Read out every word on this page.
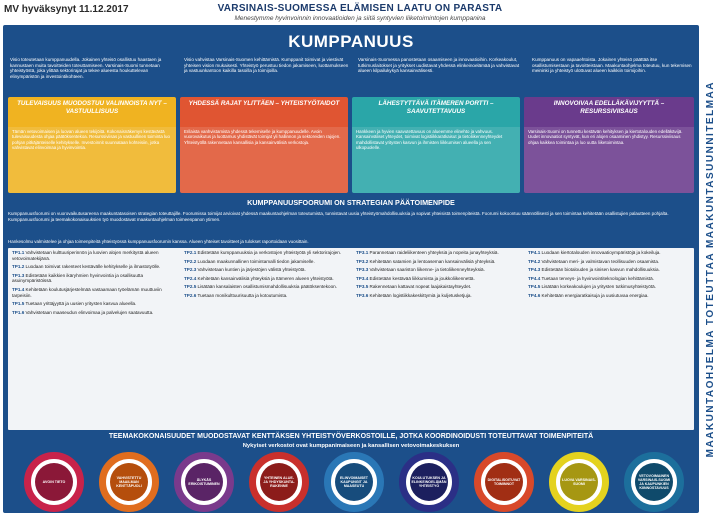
MV hyväksynyt 11.12.2017	VARSINAIS-SUOMESSA ELÄMISEN LAATU ON PARASTA
Menestymme hyvinvoinnin innovaatioiden ja siitä syntyvien liiketoimintojen kumppanina
KUMPPANUUS
Visio toteutetaan kumppanuudella. Jokainen yhteisö osallistuu haastaen ja kannustaen muita tavoitteiden toteuttamiseen. Varsinais-Suomi tunnetaan yhteistyöstä, joka ylittää sektorirajat ja tekee alueesta houkuttelevan elinympäristön ja investointikohteen.
Visio vahvistaa Varsinais-Suomen kehittämistä. Kumppanit toimivat ja viestivät yhteisen vision mukaisesti. Yhteistyö perustuu tiedon jakamiseen, luottamukseen ja vastuunkantoon kaikilla tasoilla ja toimijoilla.
Varsinais-Suomessa panostetaan osaamiseen ja innovaatioihin. Korkeakoulut, tutkimuslaitokset ja yritykset uudistavat yhdessä elinkeinoelämää ja vahvistavat alueen kilpailukykyä kansainvälisesti.
Kumppanuus on vapaaehtoista. Jokainen yhteisö päättää itse osallistumisestaan ja tavoitteistaan. Maakuntaohjelma toteutuu, kun tekemisen meininki ja yhteistyö ulottuvat alueen kaikkiin toimijoihin.
TULEVAISUUS MUODOSTUU VALINNOISTA NYT – VASTUULLISUUS
Tämän vetovoimaisen ja luovan alueen tekijöitä. Kokonaisnäkemys kestävästä tulevaisuudesta ohjaa päätöksentekoa. Resurssiviisas ja vastuullinen toiminta luo pohjan pitkäjänteiselle kehitykselle. Investoinnit suunnataan kohteisiin, jotka vahvistavat elinvoimaa ja hyvinvointia.
YHDESSÄ RAJAT YLITTÄEN – YHTEISTYÖTAIDOT
Erilaista vanhvistamista yhdessä tekemiselle ja kumppanuudelle. Avoin vuorovaikutus ja luottamus yhdistävät toimijat yli hallinnon ja sektoreiden rajojen. Yhteistyöllä rakennetaan kansallisia ja kansainvälisiä verkostoja.
LÄHESTYTTÄVÄ ITÄMEREN PORTTI – SAAVUTETTAVUUS
Hankkeen ja hyvien saavutettavuus on alueemme elinehto ja vahvuus. Kansainväliset yhteydet, toimivat logistiikkaratkaisut ja tietoliikenneyhteydet mahdollistavat yritysten kasvun ja ihmisten liikkumisen alueella ja sen ulkopuolelle.
INNOVOIVAA EDELLÄKÄVIJYYTTÄ – RESURSSIVIISAUS
Varsinais-Suomi on tunnettu kestävän kehityksen ja kiertotalouden edelläkävijä. Uudet innovaatiot syntyvät, kun eri alojen osaaminen yhdistyy. Resurssiviisaus ohjaa kaikkea toimintaa ja luo uutta liiketoimintaa.
KUMPPANUUSFOORUMI ON STRATEGIAN PÄÄTOIMENPIDE
Kumppanuusfoorumi on vuorovaikutusareena maakuntatasoisen strategian toteuttajille. Foorumissa toimijat arvioivat yhdessä maakuntaohjelman toteutumista, tunnistavat uusia yhteistyömahdollisuuksia ja sopivat yhteisistä toimenpiteistä. Foorumi kokoontuu säännöllisesti ja sen toimintaa kehitetään osallistujien palautteen pohjalta. Kumppanuusfoorumi ja teemakokonaisuuksien työ muodostavat maakuntaohjelman toimeenpanon ytimen.
Hankesolmu valmistelee ja ohjaa toimenpiteitä yhteistyössä kumppanuusfoorumin kanssa. Alueen yhteiset tavoitteet ja tulokset raportoidaan vuosittain.
TP1.1 Vahvistetaan kulttuuriperinnön ja luovien alojen merkitystä alueen vetovoimatekijänä.
TP1.2 Luodaan toimivat rakenteet kestävälle kehitykselle ja ilmastotyölle.
TP1.3 Edistetään kaikkien ikäryhmien hyvinvointia ja osallisuutta asuinympäristöissä.
TP1.4 Kehitetään koulutusjärjestelmää vastaamaan työelämän muuttuviin tarpeisiin.
TP1.5 Tuetaan yrittäjyyttä ja uusien yritysten kasvua alueella.
TP1.6 Vahvistetaan maaseudun elinvoimaa ja palvelujen saatavuutta.
TP2.1 Edistetään kumppanuuksia ja verkostojen yhteistyötä yli sektorirajojen.
TP2.2 Luodaan maakunnallinen toimintamalli tiedon jakamiselle.
TP2.3 Vahvistetaan kuntien ja järjestöjen välistä yhteistyötä.
TP2.4 Kehitetään kansainvälisiä yhteyksiä ja Itämeren alueen yhteistyötä.
TP2.5 Lisätään kansalaisten osallistumismahdollisuuksia päätöksentekoon.
TP2.6 Tuetaan monikulttuurisuutta ja kotoutumista.
TP3.1 Parannetaan raideliikenteen yhteyksiä ja nopeita junayhteyksiä.
TP3.2 Kehitetään satamien ja lentoaseman kansainvälisiä yhteyksiä.
TP3.3 Vahvistetaan saariston liikenne- ja tietoliikenneyhteyksiä.
TP3.4 Edistetään kestävää liikkumista ja joukkoliikennettä.
TP3.5 Rakennetaan kattavat nopeat laajakaistayhteydet.
TP3.6 Kehitetään logistiikkakeskittymiä ja kuljetusketjuja.
TP4.1 Luodaan kiertotalouden innovaatioympäristöjä ja kokeiluja.
TP4.2 Vahvistetaan meri- ja valmistavan teollisuuden osaamista.
TP4.3 Edistetään biotalouden ja sinisen kasvun mahdollisuuksia.
TP4.4 Tuetaan terveys- ja hyvinvointiteknologian kehittämistä.
TP4.5 Lisätään korkeakoulujen ja yritysten tutkimusyhteistyötä.
TP4.6 Kehitetään energiaratkaisuja ja uusiutuvaa energiaa.
TEEMAKOKONAISUUDET MUODOSTAVAT KENTTÄKSEN YHTEISTYÖVERKOSTOILLE, JOTKA KOORDINOIDUSTI TOTEUTTAVAT TOIMENPITEITÄ
Nykyiset verkostot ovat kumppanimaiseen ja kansallisen vetovoimakeskuksen
AVOIN TIETO
VAHVISTETTU MAAILMAN KENTTÄPUOLI
ÄLYKÄS ERIKOISTUMINEN
YHTEINEN ALUE- JA YHDYSKUNTA-RAKENNE
ELINVOIMAISET KAUPUNGIT JA MAASEUTU
KOULUTUKSEN JA ELINKEINOELÄMÄN YHTEISTYÖ
DIGITALISOITUVAT TOIMINNOT
LUOVA VARSINAIS-SUOMI
VETOVOIMAINEN VARSINAIS-SUOMI JA KAUPUNKIEN KIINNOSTAVUUS
MAAKUNTAOHJELMA TOTEUTTAA MAAKUNTASUUNNITELMAA
